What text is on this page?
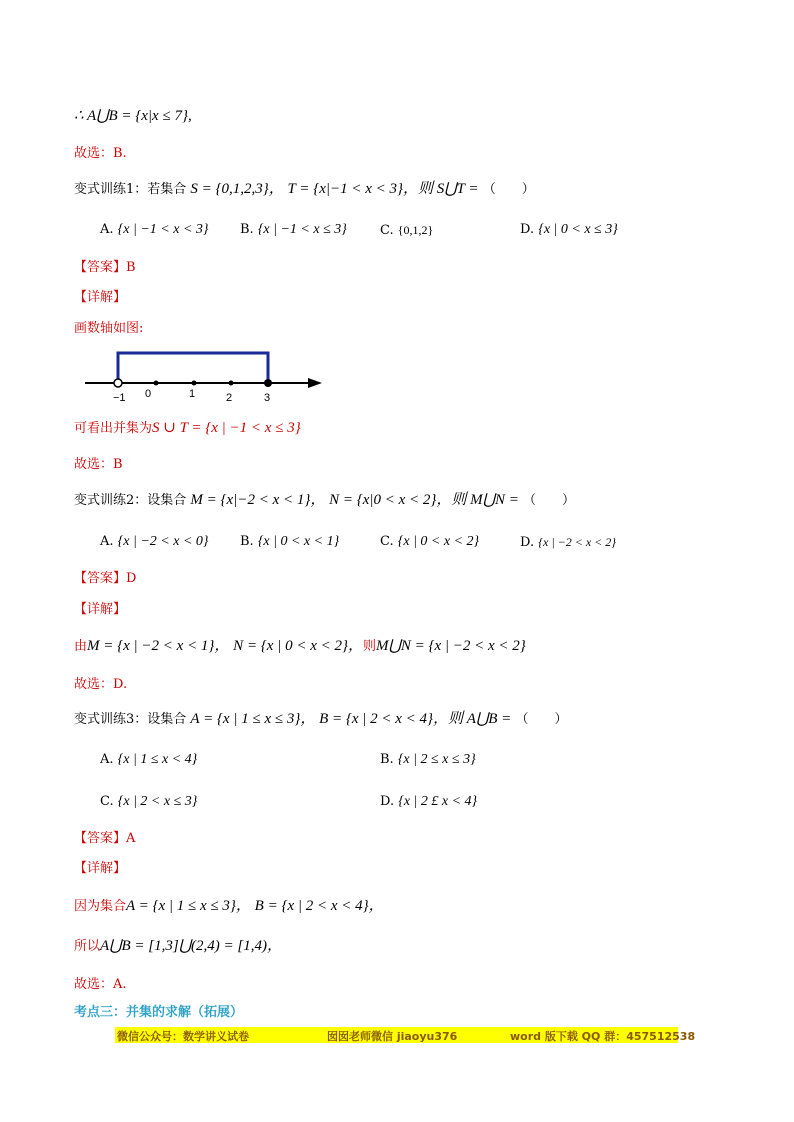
∴ A⋃B = {x|x ≤ 7},
故选：B.
变式训练1：若集合 S = {0,1,2,3}， T = {x|−1 < x < 3}，则 S⋃T = （　　）
A. {x | −1 < x < 3} B. {x | −1 < x ≤ 3}	C. {0,1,2}	D. {x | 0 < x ≤ 3}
【答案】B
【详解】
画数轴如图:
−1 0	1	2	3
可看出并集为S ∪ T = {x | −1 < x ≤ 3}
故选：B
变式训练2：设集合 M = {x|−2 < x < 1}， N = {x|0 < x < 2}，则 M⋃N = （　　）
A. {x | −2 < x < 0} B. {x | 0 < x < 1}	C. {x | 0 < x < 2}	D. {x | −2 < x < 2}
【答案】D
【详解】
由M = {x | −2 < x < 1}， N = {x | 0 < x < 2}，则M⋃N = {x | −2 < x < 2}
故选：D.
变式训练3：设集合 A = {x | 1 ≤ x ≤ 3}， B = {x | 2 < x < 4}，则 A⋃B = （　　）
A. {x | 1 ≤ x < 4}	B. {x | 2 ≤ x ≤ 3}
C. {x | 2 < x ≤ 3}	D. {x | 2 £ x < 4}
【答案】A
【详解】
因为集合A = {x | 1 ≤ x ≤ 3}， B = {x | 2 < x < 4}，
所以A⋃B = [1,3]⋃(2,4) = [1,4)，
故选：A.
考点三：并集的求解（拓展）
微信公众号：数学讲义试卷	囡囡老师微信 jiaoyu376	word 版下载 QQ 群：457512538
